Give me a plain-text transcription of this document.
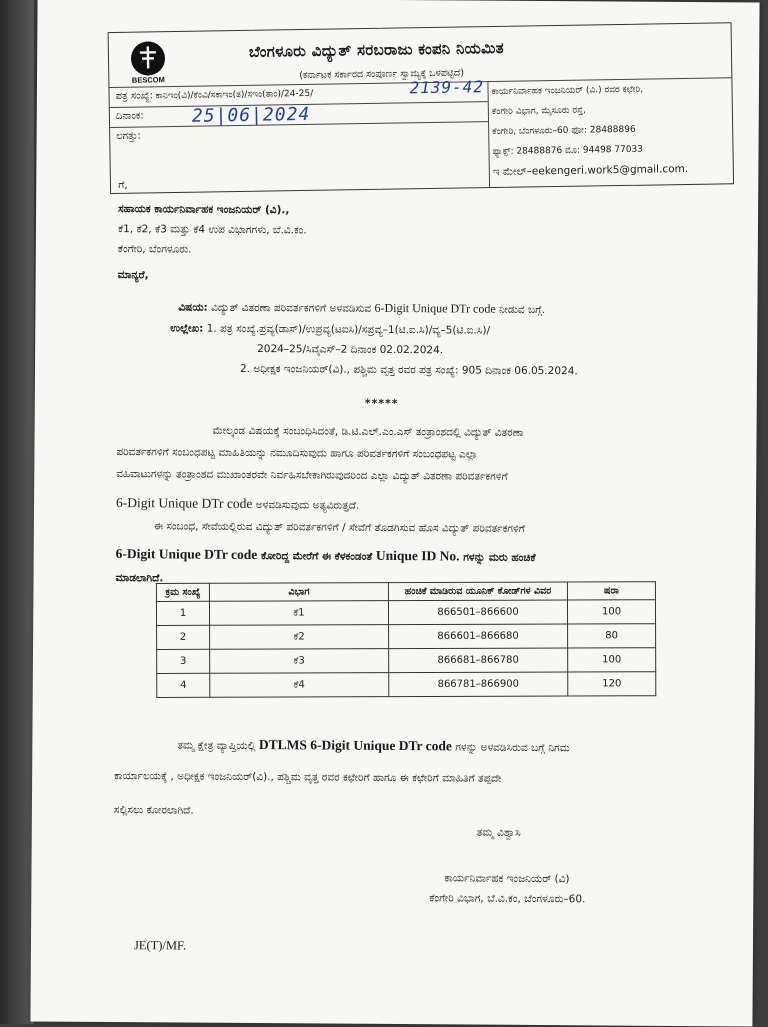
BESCOM
ಬೆಂಗಳೂರು ವಿದ್ಯುತ್ ಸರಬರಾಜು ಕಂಪನಿ ನಿಯಮಿತ
(ಕರ್ನಾಟಕ ಸರ್ಕಾರದ ಸಂಪೂರ್ಣ ಸ್ವಾಮ್ಯಕ್ಕೆ ಒಳಪಟ್ಟಿದೆ)
ಪತ್ರ ಸಂಖ್ಯೆ: ಕಾನಿಇಂ(ವಿ)/ಕೆಂವಿ/ಸಕಾಇಂ(ತ)/ಸಇಂ(ತಾಂ)/24-25/	2139-42
ದಿನಾಂಕ:	25|06|2024
ಲಗತ್ತು:
ಕಾರ್ಯನಿರ್ವಾಹಕ ಇಂಜನಿಯರ್ (ವಿ.) ರವರ ಕಛೇರಿ,
ಕೆಂಗೇರಿ ವಿಭಾಗ, ಮೈಸೂರು ರಸ್ತೆ,
ಕೆಂಗೇರಿ, ಬೆಂಗಳೂರು–60 ಫೋ: 28488896
ಫ್ಯಾಕ್ಸ್: 28488876 ಮೊ: 94498 77033
ಇ ಮೇಲ್–eekengeri.work5@gmail.com.
ಗೆ,
ಸಹಾಯಕ ಕಾರ್ಯನಿರ್ವಾಹಕ ಇಂಜನಿಯರ್ (ವಿ).,
ಕೆ1, ಕೆ2, ಕೆ3 ಮತ್ತು ಕೆ4 ಉಪ ವಿಭಾಗಗಳು, ಬೆ.ವಿ.ಕಂ.
ಕೆಂಗೇರಿ, ಬೆಂಗಳೂರು.
ಮಾನ್ಯರೆ,
ವಿಷಯ: ವಿದ್ಯುತ್ ವಿತರಣಾ ಪರಿವರ್ತಕಗಳಿಗೆ ಅಳವಡಿಸುವ 6-Digit Unique DTr code ನೀಡುವ ಬಗ್ಗೆ.
ಉಲ್ಲೇಖ: 1. ಪತ್ರ ಸಂಖ್ಯೆ.ಪ್ರವ್ಯ(ಡಾಸ್)/ಉಪ್ರವ್ಯ(ಟಐಸಿ)/ಸಪ್ರವ್ಯ–1(ಟಿ.ಐ.ಸಿ)/ವ್ಯ–5(ಟಿ.ಐ.ಸಿ)/
2024–25/ಸಿವೈಎಸ್–2 ದಿನಾಂಕ 02.02.2024.
2. ಅಧೀಕ್ಷಕ ಇಂಜನಿಯರ್(ವಿ)., ಪಶ್ಚಿಮ ವೃತ್ತ ರವರ ಪತ್ರ ಸಂಖ್ಯೆ: 905 ದಿನಾಂಕ 06.05.2024.
*****
ಮೇಲ್ಕಂಡ ವಿಷಯಕ್ಕೆ ಸಂಬಂಧಿಸಿದಂತೆ, ಡಿ.ಟಿ.ಎಲ್.ಎಂ.ಎಸ್ ತಂತ್ರಾಂಶದಲ್ಲಿ ವಿದ್ಯುತ್ ವಿತರಣಾ
ಪರಿವರ್ತಕಗಳಿಗೆ ಸಂಬಂಧಪಟ್ಟ ಮಾಹಿತಿಯನ್ನು ನಮೂದಿಸುವುದು ಹಾಗೂ ಪರಿವರ್ತಕಗಳಿಗೆ ಸಂಬಂಧಪಟ್ಟ ಎಲ್ಲಾ
ವಹಿವಾಟುಗಳನ್ನು ತಂತ್ರಾಂಶದ ಮುಖಾಂತರವೇ ನಿರ್ವಹಿಸಬೇಕಾಗಿರುವುದರಿಂದ ಎಲ್ಲಾ ವಿದ್ಯುತ್ ವಿತರಣಾ ಪರಿವರ್ತಕಗಳಿಗೆ
6-Digit Unique DTr code ಅಳವಡಿಸುವುದು ಅತ್ಯವಿರುತ್ತದೆ.
ಈ ಸಂಬಂಧ, ಸೇವೆಯಲ್ಲಿರುವ ವಿದ್ಯುತ್ ಪರಿವರ್ತಕಗಳಿಗೆ / ಸೇವೆಗೆ ತೊಡಗಿಸುವ ಹೊಸ ವಿದ್ಯುತ್ ಪರಿವರ್ತಕಗಳಿಗೆ
6-Digit Unique DTr code ಕೋರಿದ್ದ ಮೇರೆಗೆ ಈ ಕೆಳಕಂಡಂತೆ Unique ID No. ಗಳನ್ನು ಮರು ಹಂಚಿಕೆ
ಮಾಡಲಾಗಿದೆ.
ಕ್ರಮ ಸಂಖ್ಯೆ	ವಿಭಾಗ	ಹಂಚಿಕೆ ಮಾಡಿರುವ ಯೂನಿಕ್ ಕೋಡ್‌ಗಳ ವಿವರ	ಷರಾ
1	ಕೆ1	866501–866600	100
2	ಕೆ2	866601–866680	80
3	ಕೆ3	866681–866780	100
4	ಕೆ4	866781–866900	120
ತಮ್ಮ ಕ್ಷೇತ್ರ ವ್ಯಾಪ್ತಿಯಲ್ಲಿ DTLMS 6-Digit Unique DTr code ಗಳನ್ನು ಅಳವಡಿಸಿರುವ ಬಗ್ಗೆ ನಿಗಮ
ಕಾರ್ಯಾಲಯಕ್ಕೆ , ಅಧೀಕ್ಷಕ ಇಂಜನಿಯರ್(ವಿ)., ಪಶ್ಚಿಮ ವೃತ್ತ ರವರ ಕಛೇರಿಗೆ ಹಾಗೂ ಈ ಕಛೇರಿಗೆ ಮಾಹಿತಿಗೆ ತಪ್ಪದೇ
ಸಲ್ಲಿಸಲು ಕೋರಲಾಗಿದೆ.
ತಮ್ಮ ವಿಶ್ವಾಸಿ
ಕಾರ್ಯನಿರ್ವಾಹಕ ಇಂಜನಿಯರ್ (ವಿ)
ಕೆಂಗೇರಿ ವಿಭಾಗ, ಬೆ.ವಿ.ಕಂ, ಬೆಂಗಳೂರು–60.
JE(T)/MF.
